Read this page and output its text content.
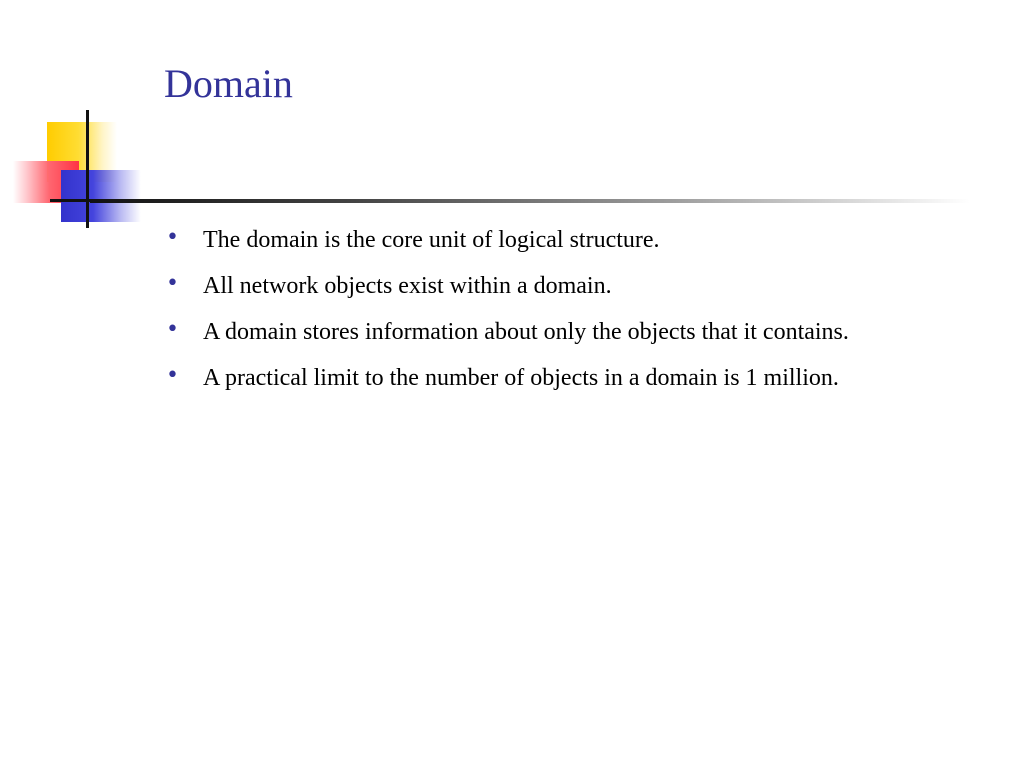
Domain
• The domain is the core unit of logical structure.
• All network objects exist within a domain.
• A domain stores information about only the objects that it contains.
• A practical limit to the number of objects in a domain is 1 million.
